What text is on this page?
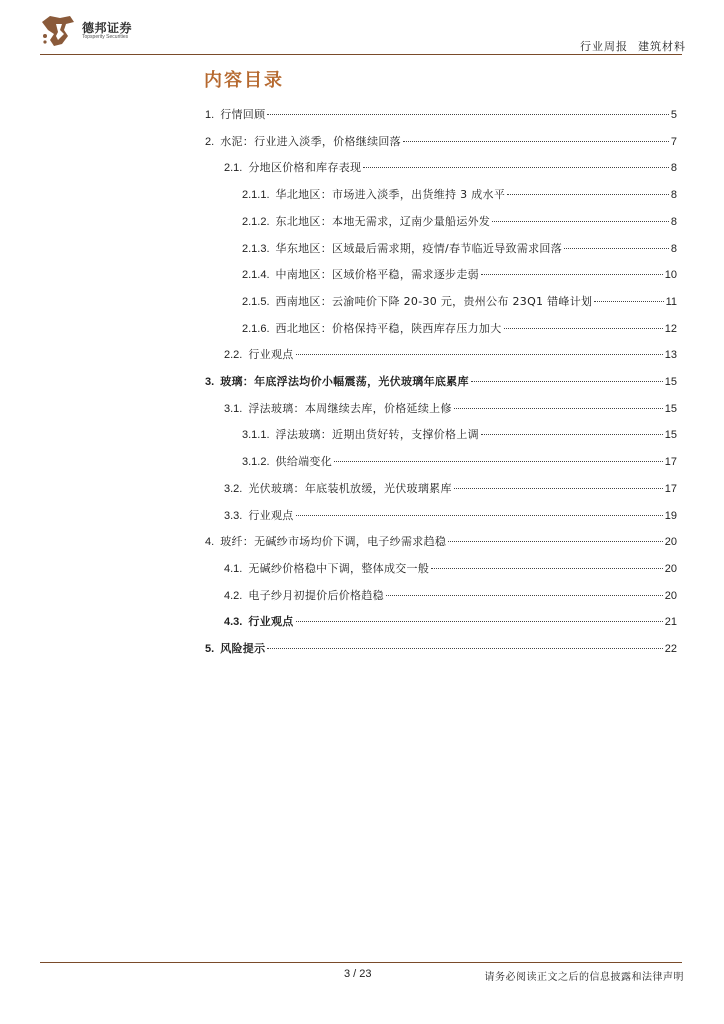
德邦证券
Topsperity Securities
行业周报 建筑材料
内容目录
1. 行情回顾	5
2. 水泥：行业进入淡季，价格继续回落	7
2.1. 分地区价格和库存表现	8
2.1.1. 华北地区：市场进入淡季，出货维持 3 成水平	8
2.1.2. 东北地区：本地无需求，辽南少量船运外发	8
2.1.3. 华东地区：区域最后需求期，疫情/春节临近导致需求回落	8
2.1.4. 中南地区：区域价格平稳，需求逐步走弱	10
2.1.5. 西南地区：云渝吨价下降 20-30 元，贵州公布 23Q1 错峰计划	11
2.1.6. 西北地区：价格保持平稳，陕西库存压力加大	12
2.2. 行业观点	13
3. 玻璃：年底浮法均价小幅震荡，光伏玻璃年底累库	15
3.1. 浮法玻璃：本周继续去库，价格延续上修	15
3.1.1. 浮法玻璃：近期出货好转，支撑价格上调	15
3.1.2. 供给端变化	17
3.2. 光伏玻璃：年底装机放缓，光伏玻璃累库	17
3.3. 行业观点	19
4. 玻纤：无碱纱市场均价下调，电子纱需求趋稳	20
4.1. 无碱纱价格稳中下调，整体成交一般	20
4.2. 电子纱月初提价后价格趋稳	20
4.3. 行业观点	21
5. 风险提示	22
3 / 23	请务必阅读正文之后的信息披露和法律声明
